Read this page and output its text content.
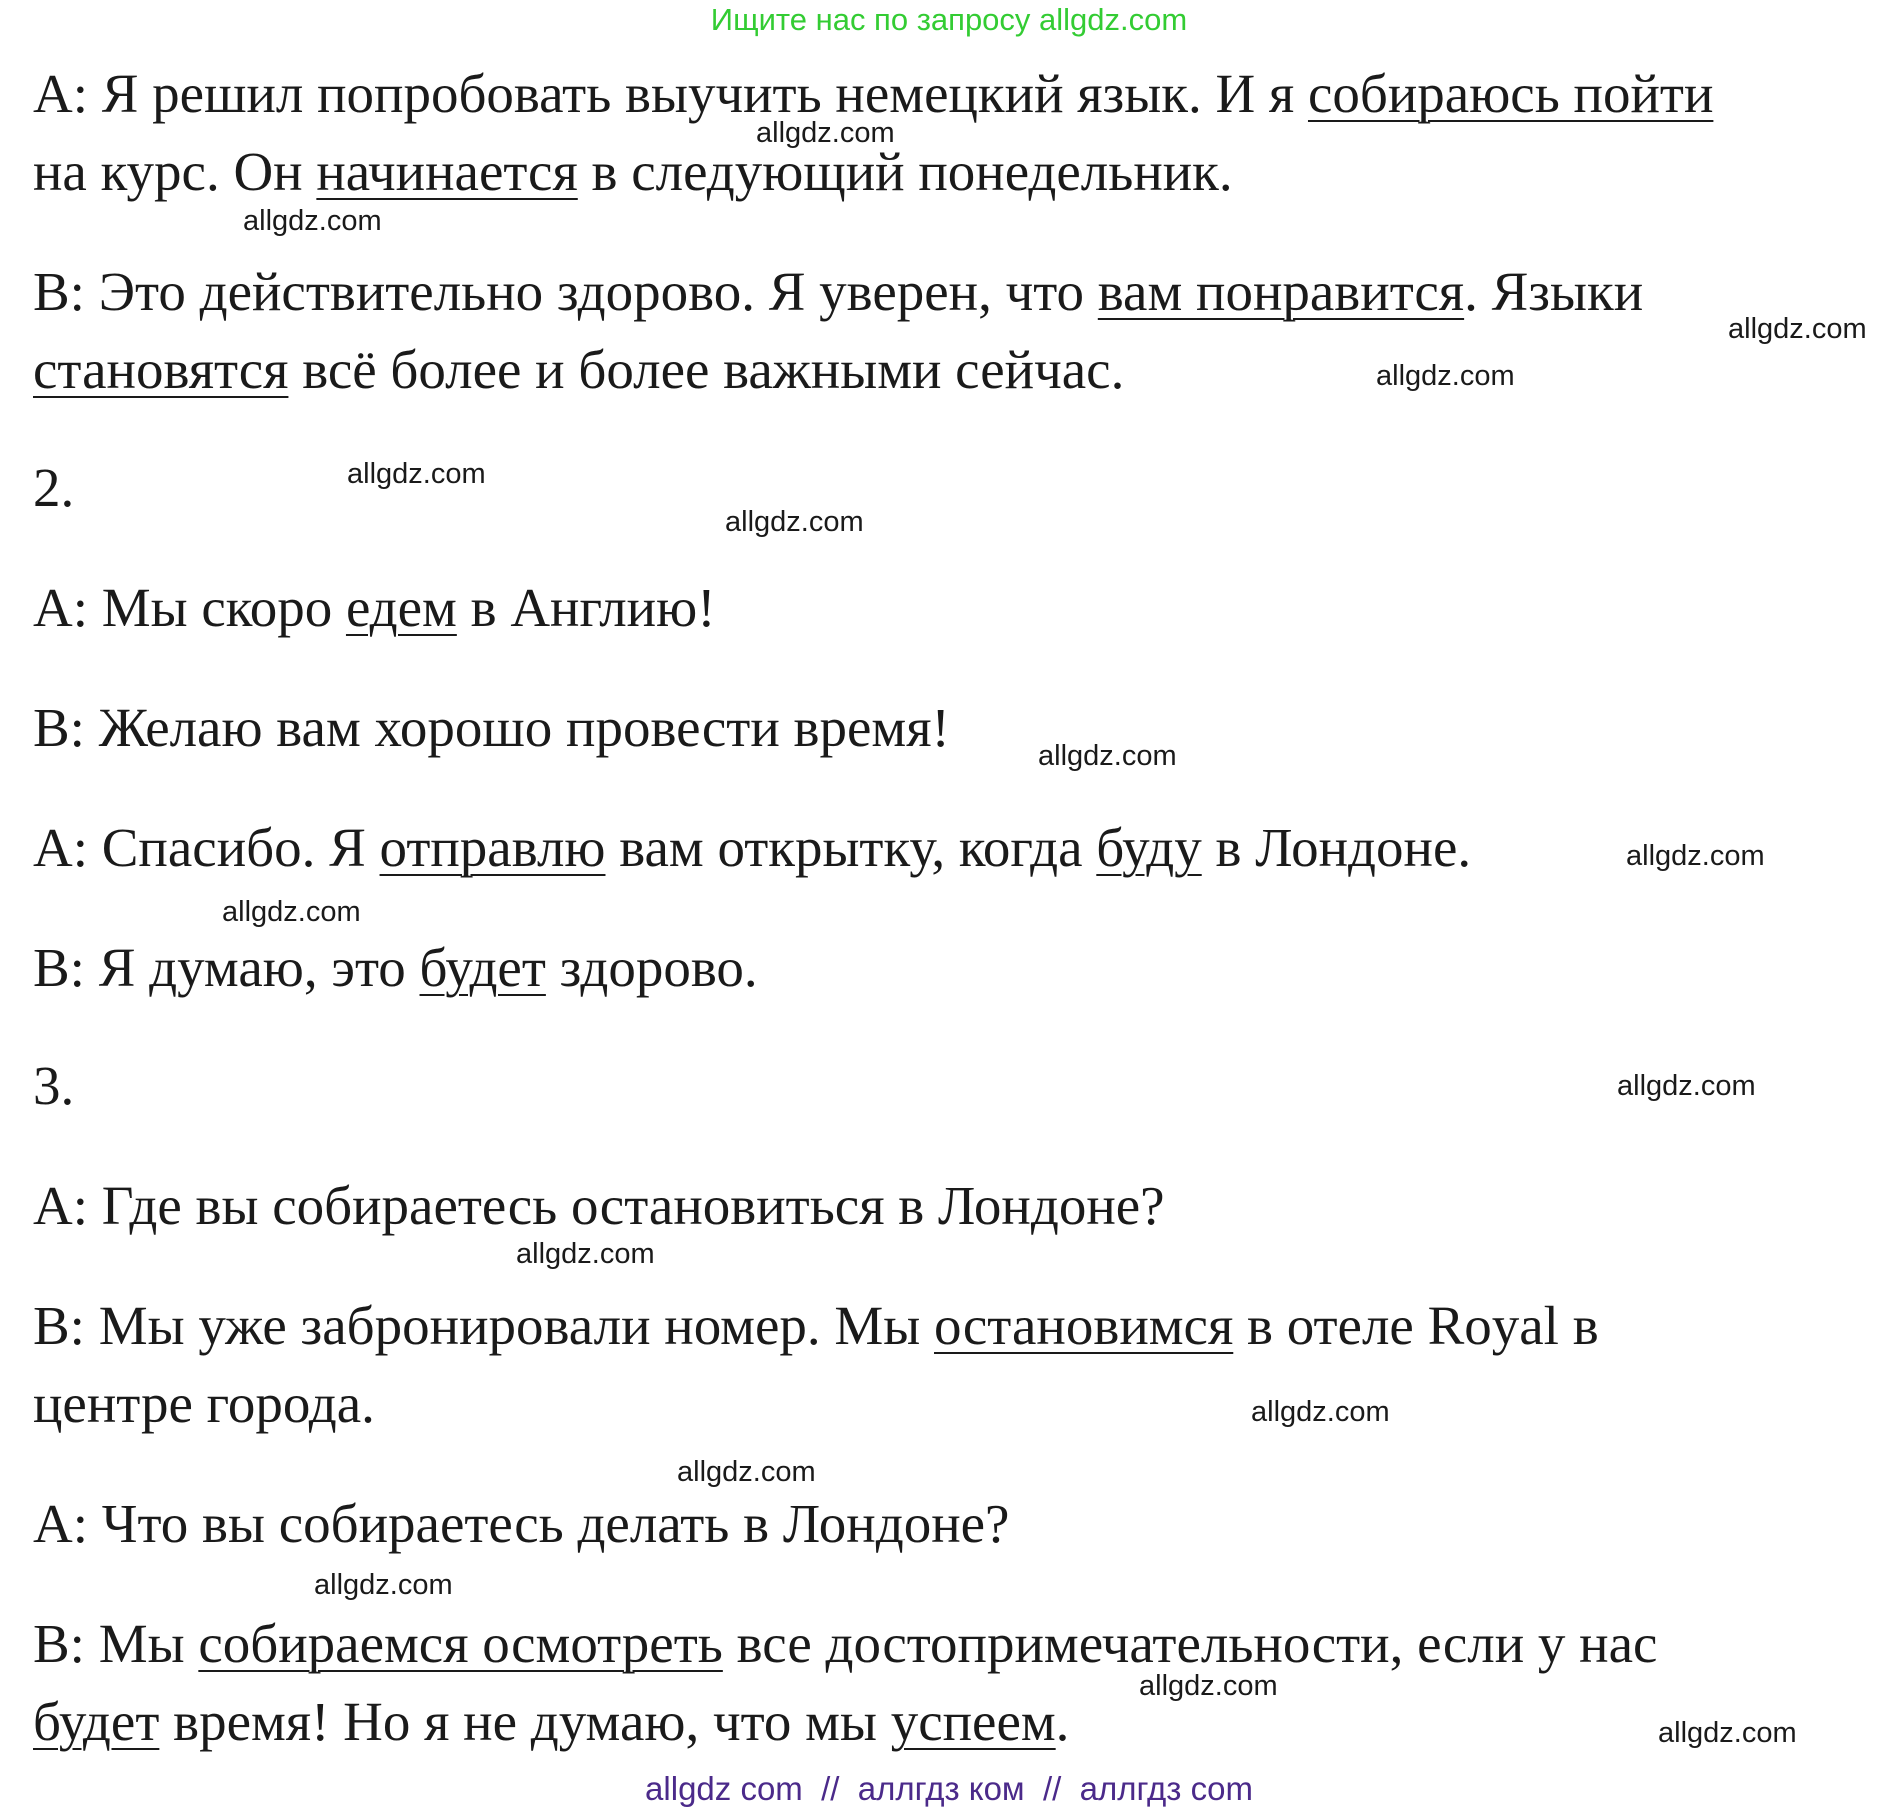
Ищите нас по запросу allgdz.com
A: Я решил попробовать выучить немецкий язык. И я собираюсь пойти
на курс. Он начинается в следующий понедельник.
B: Это действительно здорово. Я уверен, что вам понравится. Языки
становятся всё более и более важными сейчас.
2.
A: Мы скоро едем в Англию!
B: Желаю вам хорошо провести время!
A: Спасибо. Я отправлю вам открытку, когда буду в Лондоне.
B: Я думаю, это будет здорово.
3.
A: Где вы собираетесь остановиться в Лондоне?
B: Мы уже забронировали номер. Мы остановимся в отеле Royal в
центре города.
A: Что вы собираетесь делать в Лондоне?
B: Мы собираемся осмотреть все достопримечательности, если у нас
будет время! Но я не думаю, что мы успеем.
allgdz.com
allgdz.com
allgdz.com
allgdz.com
allgdz.com
allgdz.com
allgdz.com
allgdz.com
allgdz.com
allgdz.com
allgdz.com
allgdz.com
allgdz.com
allgdz.com
allgdz.com
allgdz.com
allgdz com  //  аллгдз ком  //  аллгдз com
